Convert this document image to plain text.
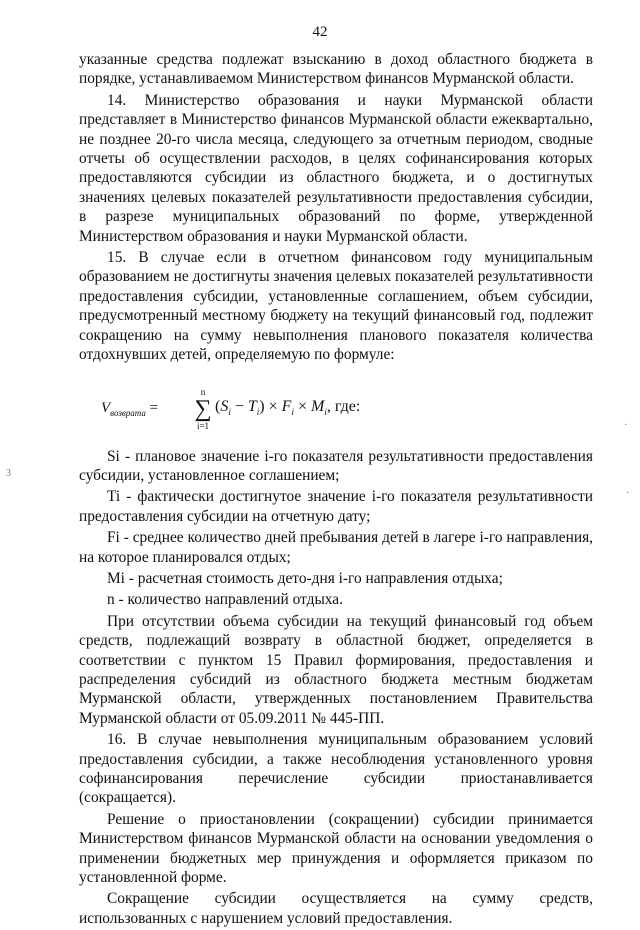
42
3
·
·

указанные средства подлежат взысканию в доход областного бюджета в порядке, устанавливаемом Министерством финансов Мурманской области.

14. Министерство образования и науки Мурманской области представляет в Министерство финансов Мурманской области ежеквартально, не позднее 20-го числа месяца, следующего за отчетным периодом, сводные отчеты об осуществлении расходов, в целях софинансирования которых предоставляются субсидии из областного бюджета, и о достигнутых значениях целевых показателей результативности предоставления субсидии, в разрезе муниципальных образований по форме, утвержденной Министерством образования и науки Мурманской области.

15. В случае если в отчетном финансовом году муниципальным образованием не достигнуты значения целевых показателей результативности предоставления субсидии, установленные соглашением, объем субсидии, предусмотренный местному бюджету на текущий финансовый год, подлежит сокращению на сумму невыполнения планового показателя количества отдохнувших детей, определяемую по формуле:

$V_{возврата}$ =
n
∑
i=1
$(S_i - T_i) \times F_i \times M_i$, где:

Si - плановое значение i-го показателя результативности предоставления субсидии, установленное соглашением;

Ti - фактически достигнутое значение i-го показателя результативности предоставления субсидии на отчетную дату;

Fi - среднее количество дней пребывания детей в лагере i-го направления, на которое планировался отдых;

Mi - расчетная стоимость дето-дня i-го направления отдыха;

n - количество направлений отдыха.

При отсутствии объема субсидии на текущий финансовый год объем средств, подлежащий возврату в областной бюджет, определяется в соответствии с пунктом 15 Правил формирования, предоставления и распределения субсидий из областного бюджета местным бюджетам Мурманской области, утвержденных постановлением Правительства Мурманской области от 05.09.2011 № 445-ПП.

16. В случае невыполнения муниципальным образованием условий предоставления субсидии, а также несоблюдения установленного уровня софинансирования перечисление субсидии приостанавливается (сокращается).

Решение о приостановлении (сокращении) субсидии принимается Министерством финансов Мурманской области на основании уведомления о применении бюджетных мер принуждения и оформляется приказом по установленной форме.

Сокращение субсидии осуществляется на сумму средств, использованных с нарушением условий предоставления.
